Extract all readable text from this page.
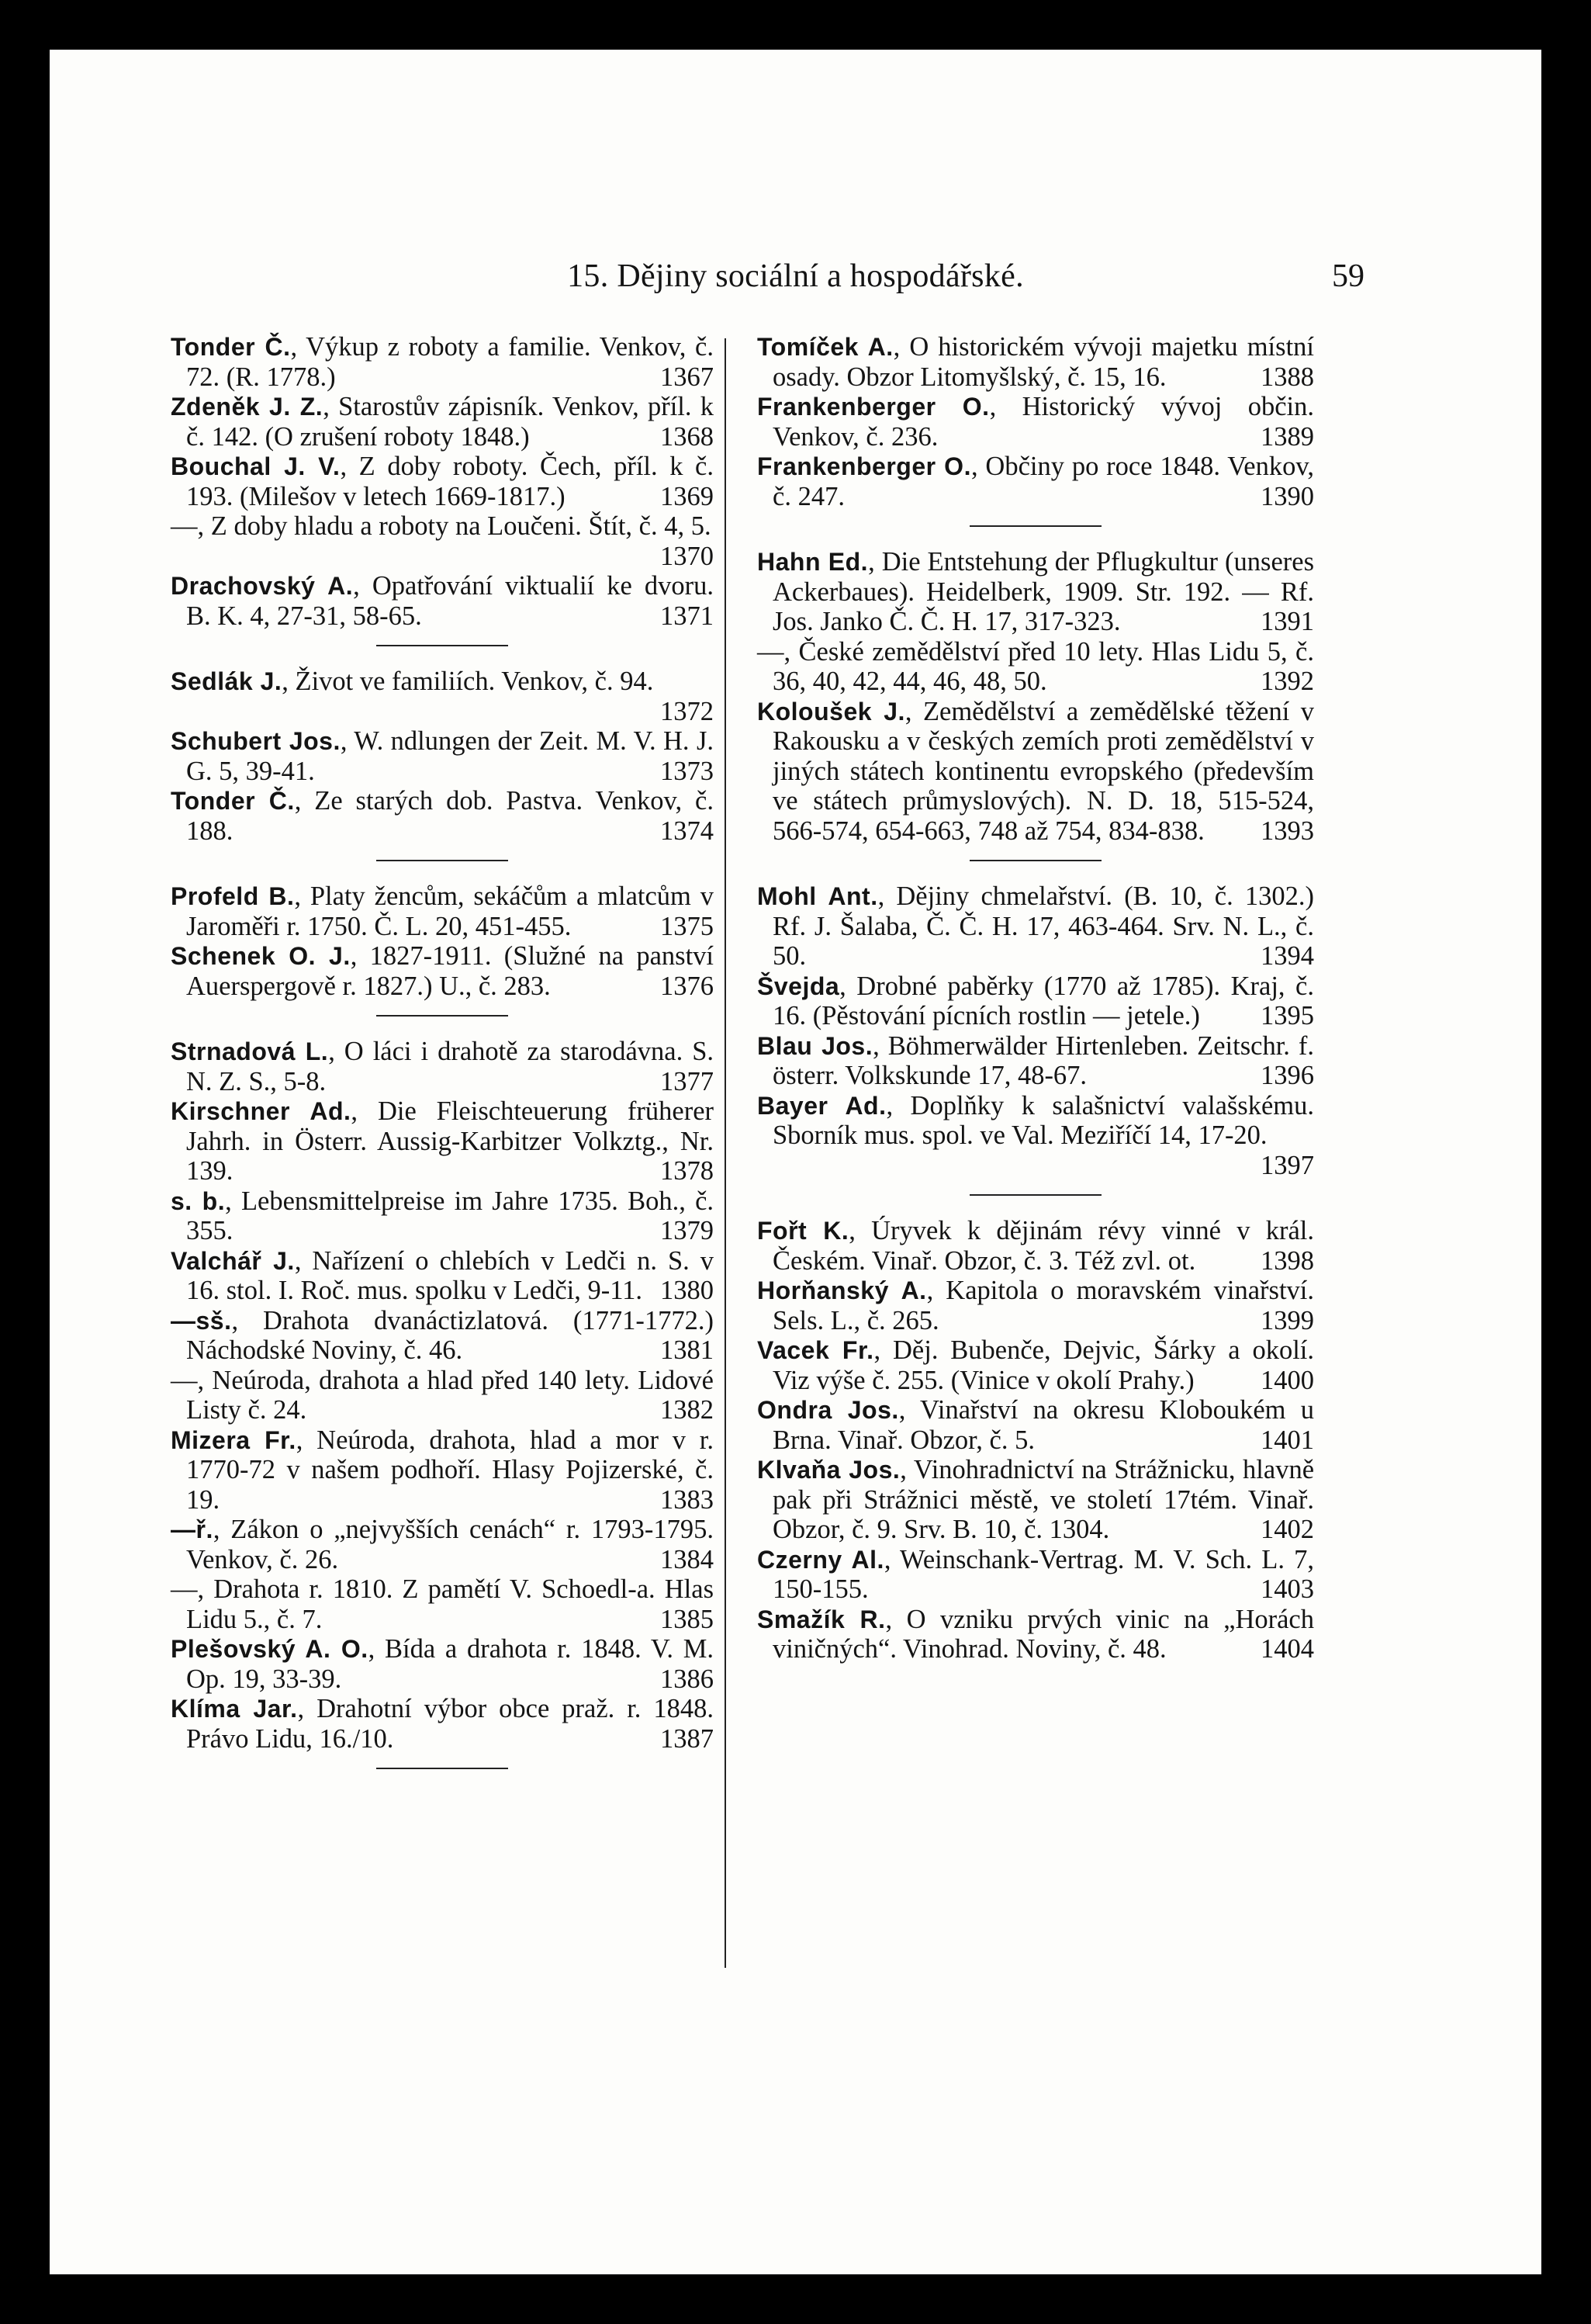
15. Dějiny sociální a hospodářské.	59

Tonder Č., Výkup z roboty a familie. Venkov, č. 72. (R. 1778.)	1367

Zdeněk J. Z., Starostův zápisník. Venkov, příl. k č. 142. (O zrušení roboty 1848.)	1368

Bouchal J. V., Z doby roboty. Čech, příl. k č. 193. (Milešov v letech 1669-1817.)	1369

—, Z doby hladu a roboty na Loučeni. Štít, č. 4, 5.
1370

Drachovský A., Opatřování viktualií ke dvoru. B. K. 4, 27-31, 58-65.	1371

Sedlák J., Život ve familiích. Venkov, č. 94.
1372

Schubert Jos., W. ndlungen der Zeit. M. V. H. J. G. 5, 39-41.	1373

Tonder Č., Ze starých dob. Pastva. Venkov, č. 188.	1374

Profeld B., Platy žencům, sekáčům a mlatcům v Jaroměři r. 1750. Č. L. 20, 451-455.	1375

Schenek O. J., 1827-1911. (Služné na panství Auerspergově r. 1827.) U., č. 283.	1376

Strnadová L., O láci i drahotě za starodávna. S. N. Z. S., 5-8.	1377

Kirschner Ad., Die Fleischteuerung früherer Jahrh. in Österr. Aussig-Karbitzer Volkztg., Nr. 139.	1378

s. b., Lebensmittelpreise im Jahre 1735. Boh., č. 355.	1379

Valchář J., Nařízení o chlebích v Ledči n. S. v 16. stol. I. Roč. mus. spolku v Ledči, 9-11. 1380

—sš., Drahota dvanáctizlatová. (1771-1772.) Náchodské Noviny, č. 46.	1381

—, Neúroda, drahota a hlad před 140 lety. Lidové Listy č. 24.	1382

Mizera Fr., Neúroda, drahota, hlad a mor v r. 1770-72 v našem podhoří. Hlasy Pojizerské, č. 19.	1383

—ř., Zákon o „nejvyšších cenách“ r. 1793-1795. Venkov, č. 26.	1384

—, Drahota r. 1810. Z pamětí V. Schoedl-a. Hlas Lidu 5., č. 7.	1385

Plešovský A. O., Bída a drahota r. 1848. V. M. Op. 19, 33-39.	1386

Klíma Jar., Drahotní výbor obce praž. r. 1848. Právo Lidu, 16./10.	1387

Tomíček A., O historickém vývoji majetku místní osady. Obzor Litomyšlský, č. 15, 16.	1388

Frankenberger O., Historický vývoj občin. Venkov, č. 236.	1389

Frankenberger O., Občiny po roce 1848. Venkov, č. 247.	1390

Hahn Ed., Die Entstehung der Pflugkultur (unseres Ackerbaues). Heidelberk, 1909. Str. 192. — Rf. Jos. Janko Č. Č. H. 17, 317-323.	1391

—, České zemědělství před 10 lety. Hlas Lidu 5, č. 36, 40, 42, 44, 46, 48, 50.	1392

Koloušek J., Zemědělství a zemědělské těžení v Rakousku a v českých zemích proti zemědělství v jiných státech kontinentu evropského (především ve státech průmyslových). N. D. 18, 515-524, 566-574, 654-663, 748 až 754, 834-838. 1393

Mohl Ant., Dějiny chmelařství. (B. 10, č. 1302.) Rf. J. Šalaba, Č. Č. H. 17, 463-464. Srv. N. L., č. 50.	1394

Švejda, Drobné paběrky (1770 až 1785). Kraj, č. 16. (Pěstování pícních rostlin — jetele.) 1395

Blau Jos., Böhmerwälder Hirtenleben. Zeitschr. f. österr. Volkskunde 17, 48-67.	1396

Bayer Ad., Doplňky k salašnictví valašskému. Sborník mus. spol. ve Val. Meziříčí 14, 17-20.
1397

Fořt K., Úryvek k dějinám révy vinné v král. Českém. Vinař. Obzor, č. 3. Též zvl. ot. 1398

Horňanský A., Kapitola o moravském vinařství. Sels. L., č. 265.	1399

Vacek Fr., Děj. Bubenče, Dejvic, Šárky a okolí. Viz výše č. 255. (Vinice v okolí Prahy.) 1400

Ondra Jos., Vinařství na okresu Kloboukém u Brna. Vinař. Obzor, č. 5.	1401

Klvaňa Jos., Vinohradnictví na Strážnicku, hlavně pak při Strážnici městě, ve století 17tém. Vinař. Obzor, č. 9. Srv. B. 10, č. 1304.	1402

Czerny Al., Weinschank-Vertrag. M. V. Sch. L. 7, 150-155.	1403

Smažík R., O vzniku prvých vinic na „Horách viničných“. Vinohrad. Noviny, č. 48.	1404
